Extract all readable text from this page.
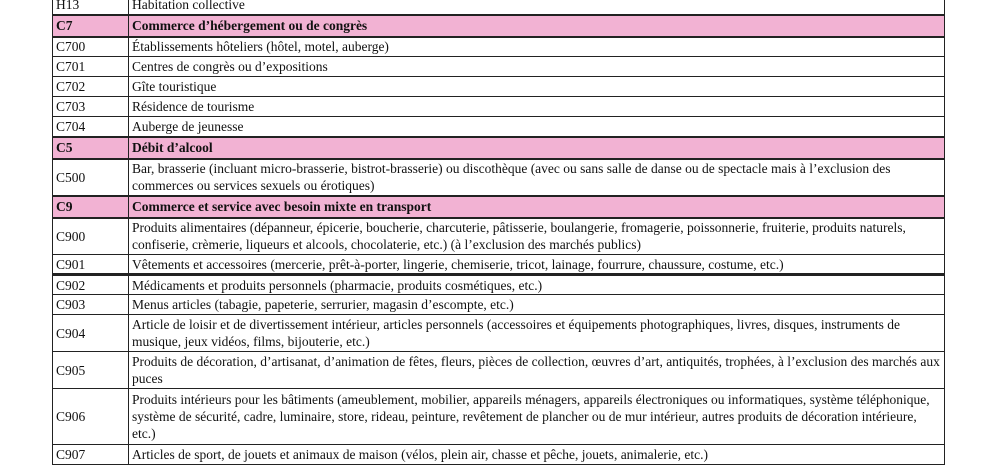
H13	Habitation collective
C7	Commerce d’hébergement ou de congrès
C700	Établissements hôteliers (hôtel, motel, auberge)
C701	Centres de congrès ou d’expositions
C702	Gîte touristique
C703	Résidence de tourisme
C704	Auberge de jeunesse
C5	Débit d’alcool
C500	Bar, brasserie (incluant micro-brasserie, bistrot-brasserie) ou discothèque (avec ou sans salle de danse ou de spectacle mais à l’exclusion des commerces ou services sexuels ou érotiques)
C9	Commerce et service avec besoin mixte en transport
C900	Produits alimentaires (dépanneur, épicerie, boucherie, charcuterie, pâtisserie, boulangerie, fromagerie, poissonnerie, fruiterie, produits naturels, confiserie, crèmerie, liqueurs et alcools, chocolaterie, etc.) (à l’exclusion des marchés publics)
C901	Vêtements et accessoires (mercerie, prêt-à-porter, lingerie, chemiserie, tricot, lainage, fourrure, chaussure, costume, etc.)
C902	Médicaments et produits personnels (pharmacie, produits cosmétiques, etc.)
C903	Menus articles (tabagie, papeterie, serrurier, magasin d’escompte, etc.)
C904	Article de loisir et de divertissement intérieur, articles personnels (accessoires et équipements photographiques, livres, disques, instruments de musique, jeux vidéos, films, bijouterie, etc.)
C905	Produits de décoration, d’artisanat, d’animation de fêtes, fleurs, pièces de collection, œuvres d’art, antiquités, trophées, à l’exclusion des marchés aux puces
C906	Produits intérieurs pour les bâtiments (ameublement, mobilier, appareils ménagers, appareils électroniques ou informatiques, système téléphonique, système de sécurité, cadre, luminaire, store, rideau, peinture, revêtement de plancher ou de mur intérieur, autres produits de décoration intérieure, etc.)
C907	Articles de sport, de jouets et animaux de maison (vélos, plein air, chasse et pêche, jouets, animalerie, etc.)
